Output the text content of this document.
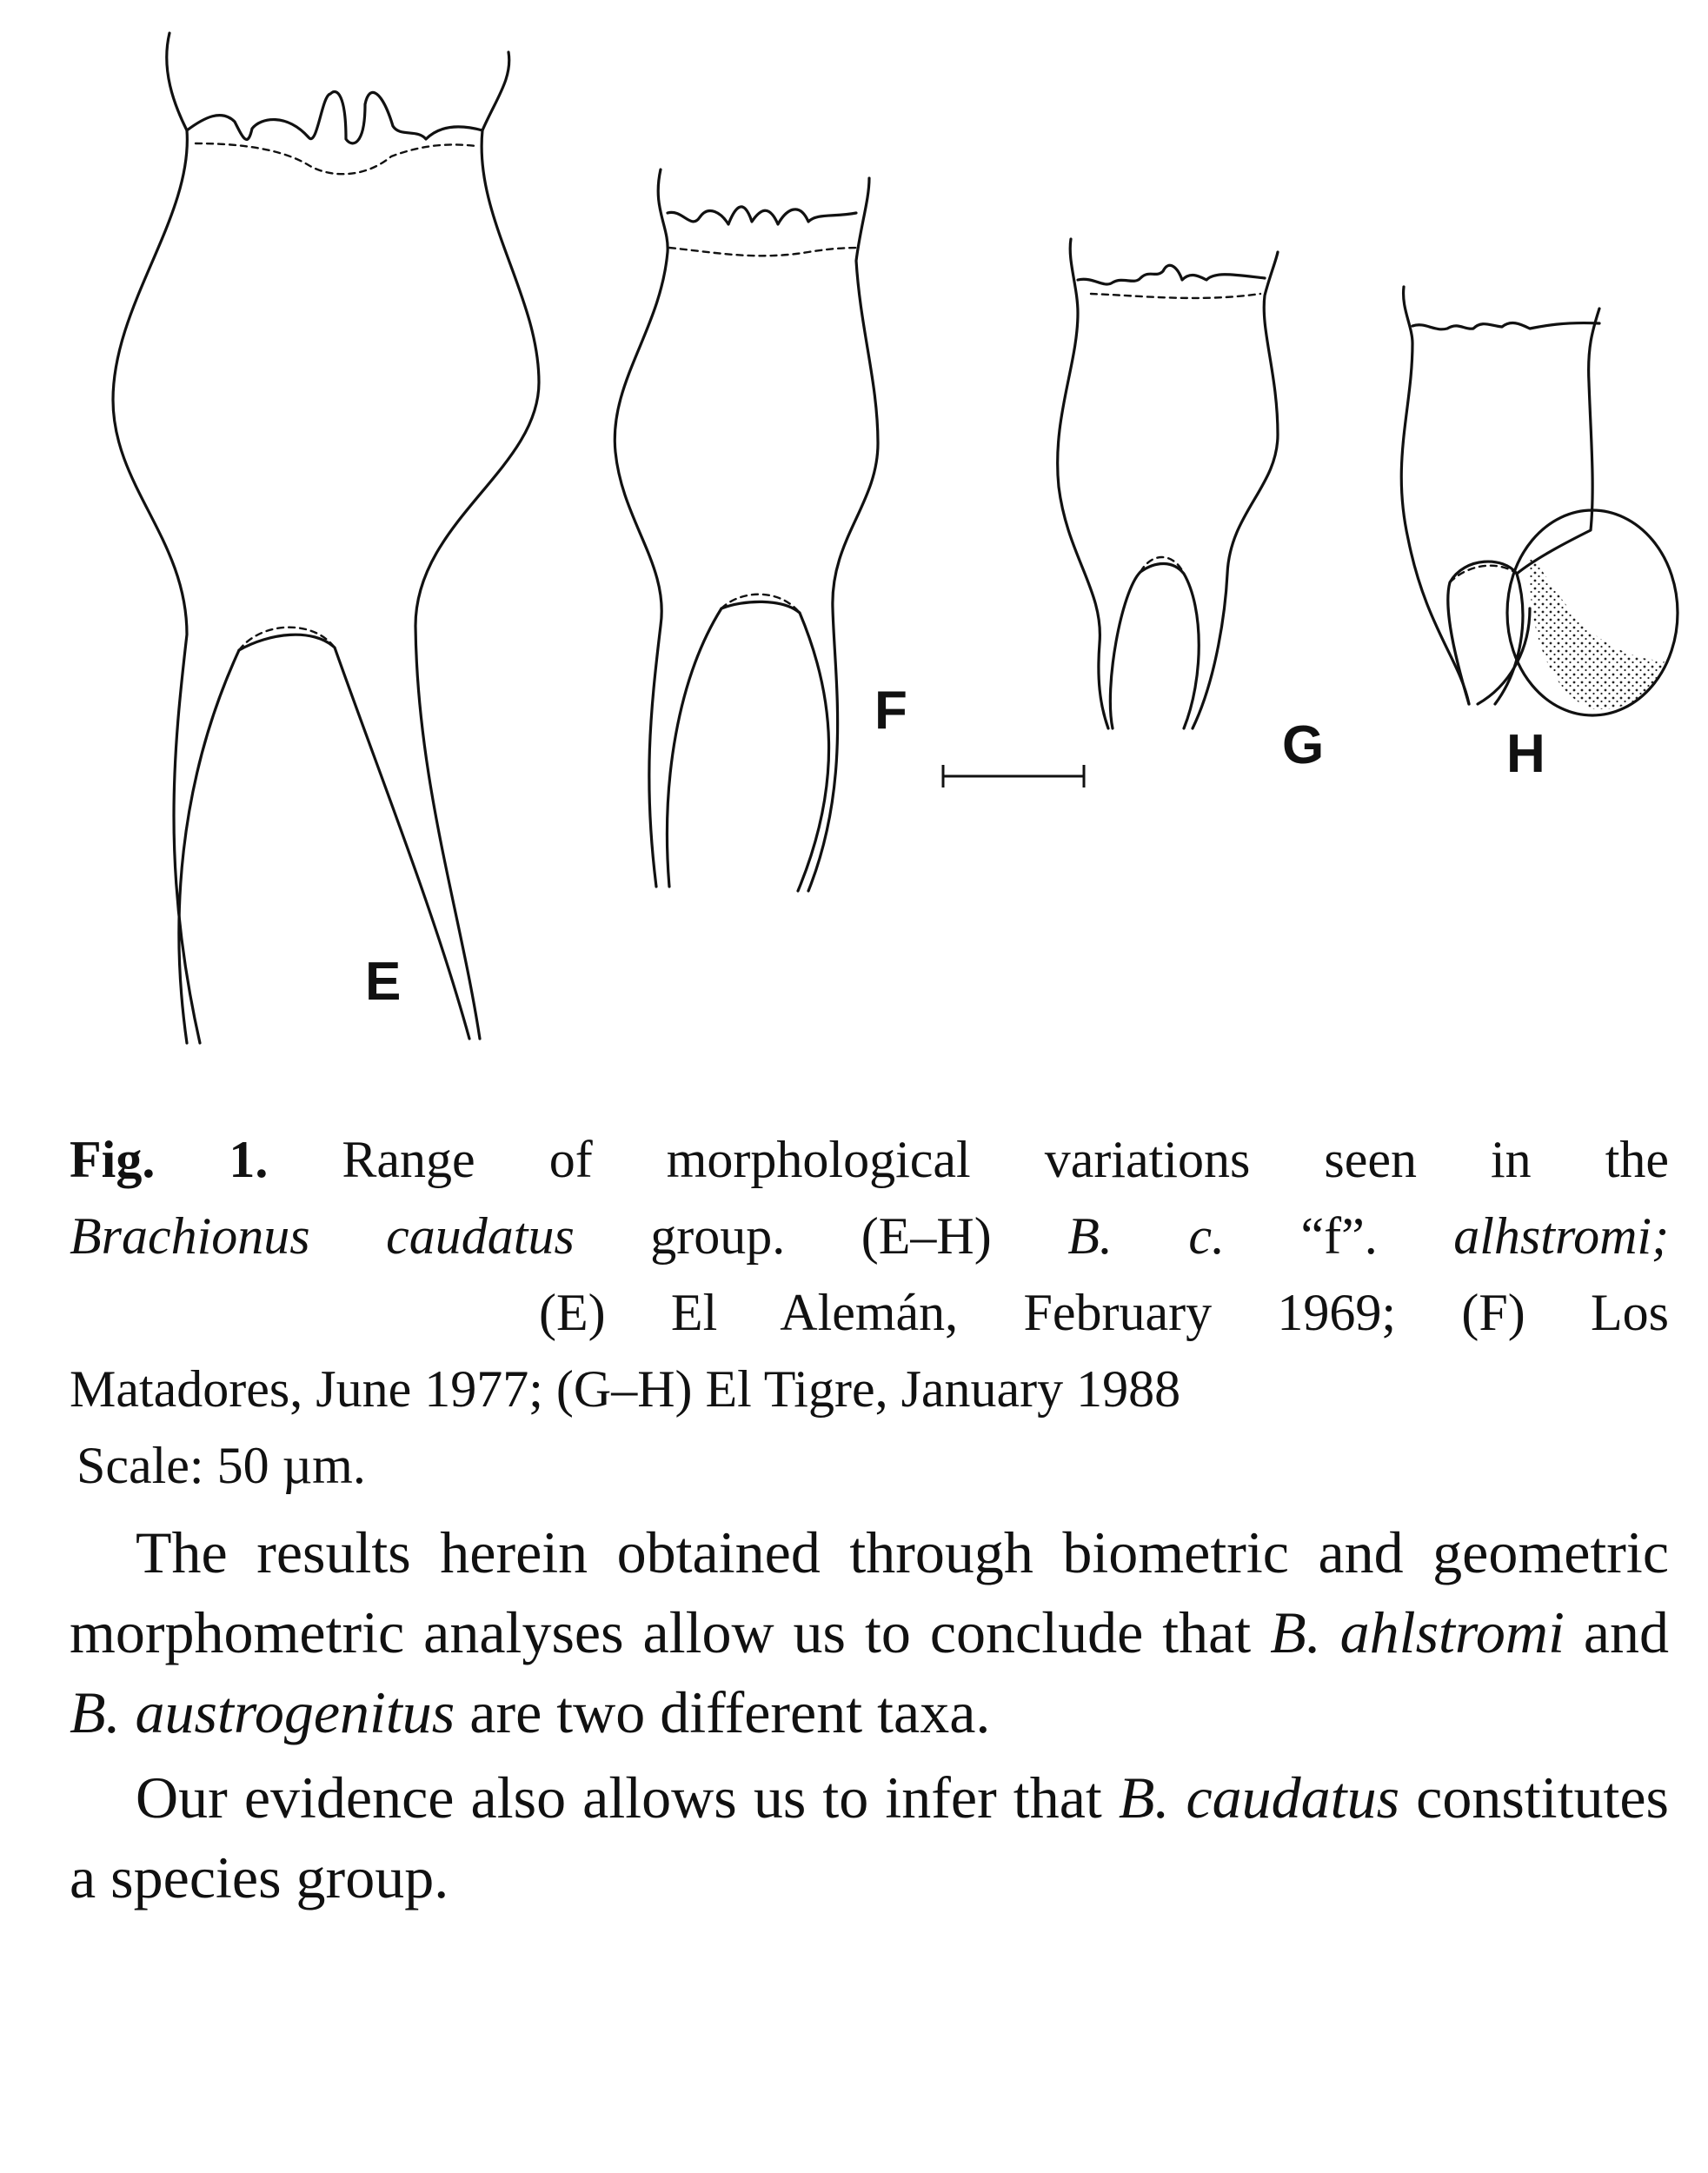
E
F
G	H
Fig. 1. Range of morphological variations seen in the
Brachionus caudatus group. (E–H) B. c. “f”. alhstromi;
(E) El Alemán, February 1969; (F) Los
Matadores, June 1977; (G–H) El Tigre, January 1988
Scale: 50 µm.

The results herein obtained through biometric and geometric morphometric analyses allow us to conclude that B. ahlstromi and B. austrogenitus are two different taxa.

Our evidence also allows us to infer that B. caudatus constitutes a species group.
